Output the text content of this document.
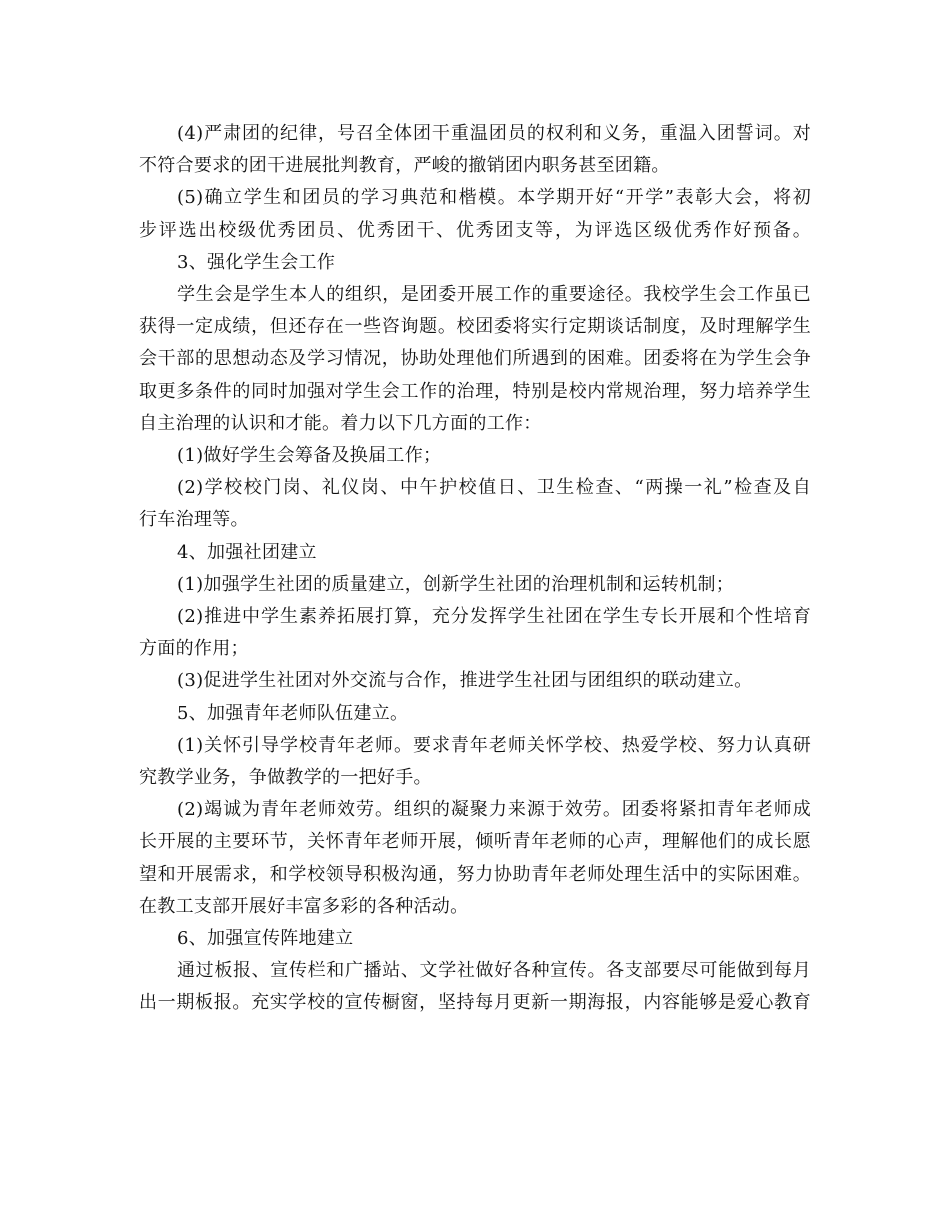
(4)严肃团的纪律，号召全体团干重温团员的权利和义务，重温入团誓词。对
不符合要求的团干进展批判教育，严峻的撤销团内职务甚至团籍。
(5)确立学生和团员的学习典范和楷模。本学期开好“开学”表彰大会，将初
步评选出校级优秀团员、优秀团干、优秀团支等，为评选区级优秀作好预备。
3、强化学生会工作
学生会是学生本人的组织，是团委开展工作的重要途径。我校学生会工作虽已
获得一定成绩，但还存在一些咨询题。校团委将实行定期谈话制度，及时理解学生
会干部的思想动态及学习情况，协助处理他们所遇到的困难。团委将在为学生会争
取更多条件的同时加强对学生会工作的治理，特别是校内常规治理，努力培养学生
自主治理的认识和才能。着力以下几方面的工作：
(1)做好学生会筹备及换届工作；
(2)学校校门岗、礼仪岗、中午护校值日、卫生检查、“两操一礼”检查及自
行车治理等。
4、加强社团建立
(1)加强学生社团的质量建立，创新学生社团的治理机制和运转机制；
(2)推进中学生素养拓展打算，充分发挥学生社团在学生专长开展和个性培育
方面的作用；
(3)促进学生社团对外交流与合作，推进学生社团与团组织的联动建立。
5、加强青年老师队伍建立。
(1)关怀引导学校青年老师。要求青年老师关怀学校、热爱学校、努力认真研
究教学业务，争做教学的一把好手。
(2)竭诚为青年老师效劳。组织的凝聚力来源于效劳。团委将紧扣青年老师成
长开展的主要环节，关怀青年老师开展，倾听青年老师的心声，理解他们的成长愿
望和开展需求，和学校领导积极沟通，努力协助青年老师处理生活中的实际困难。
在教工支部开展好丰富多彩的各种活动。
6、加强宣传阵地建立
通过板报、宣传栏和广播站、文学社做好各种宣传。各支部要尽可能做到每月
出一期板报。充实学校的宣传橱窗，坚持每月更新一期海报，内容能够是爱心教育
